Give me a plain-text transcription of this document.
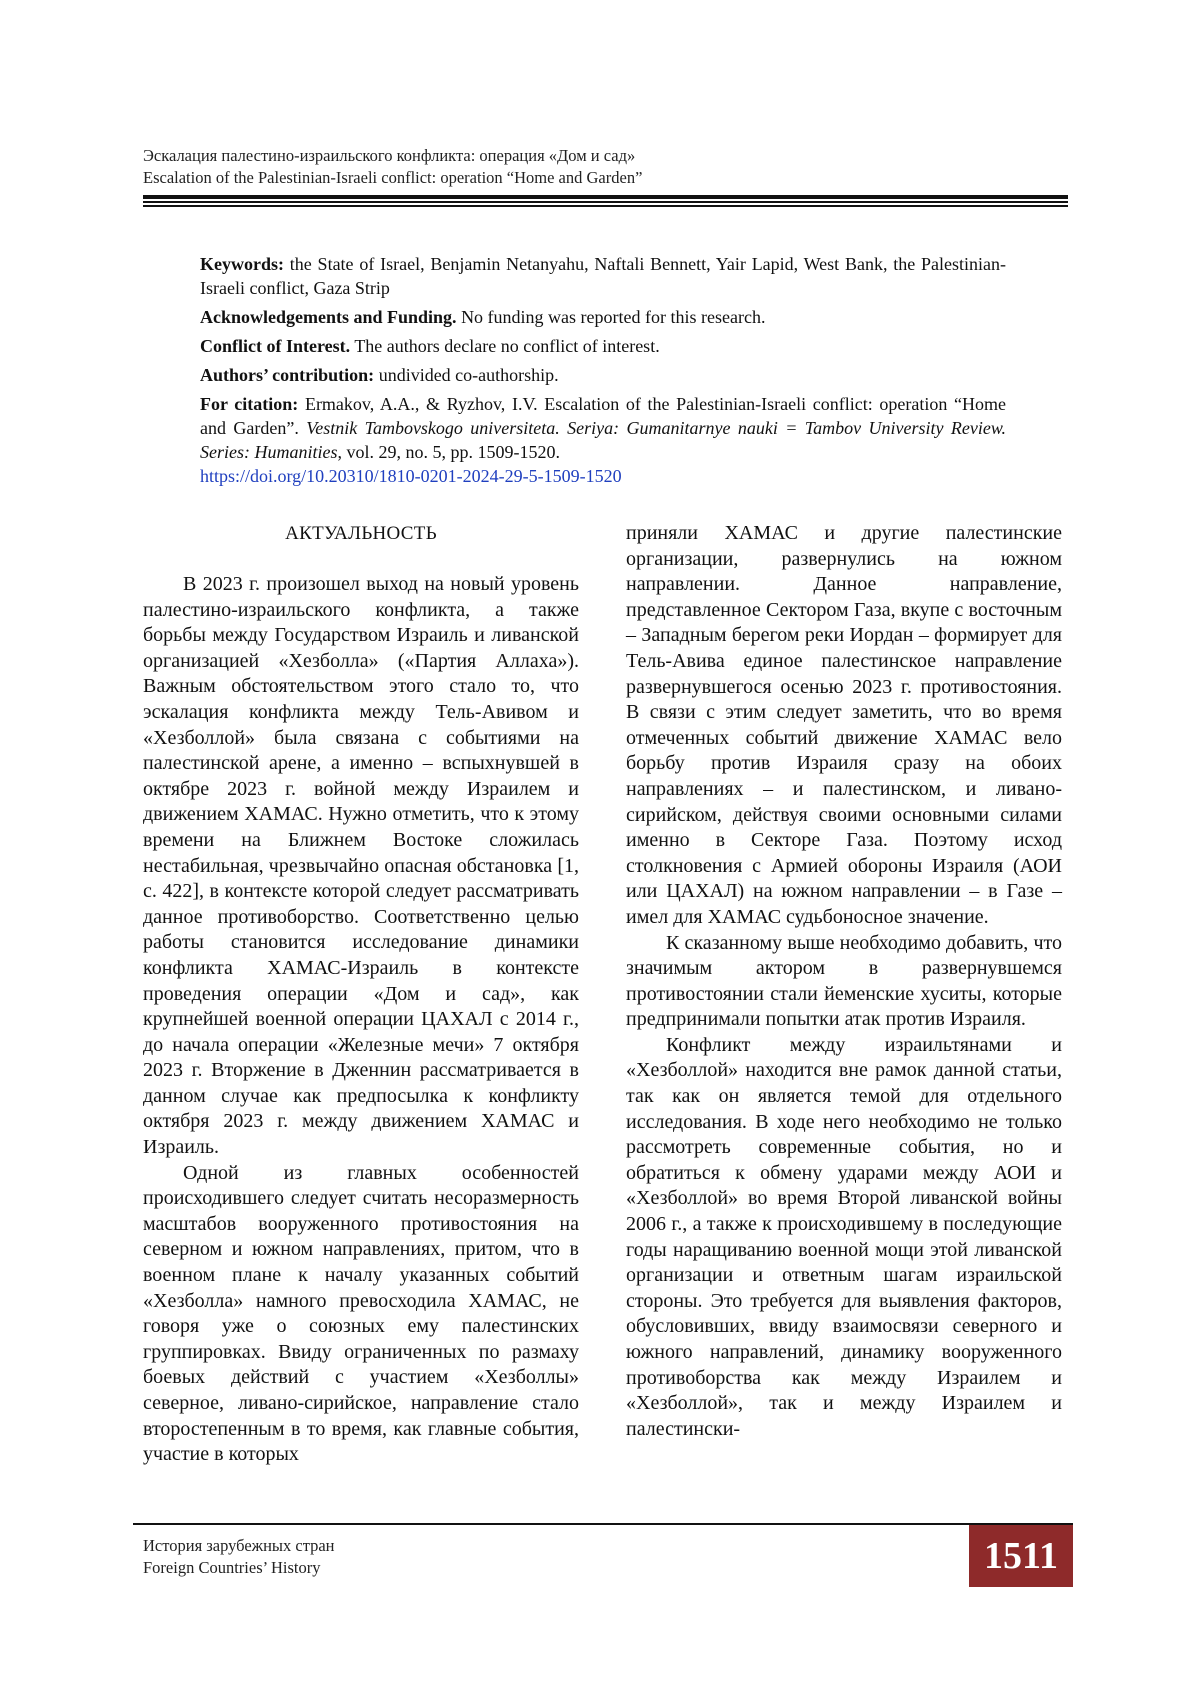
Эскалация палестино-израильского конфликта: операция «Дом и сад»
Escalation of the Palestinian-Israeli conflict: operation “Home and Garden”

Keywords: the State of Israel, Benjamin Netanyahu, Naftali Bennett, Yair Lapid, West Bank, the Palestinian-Israeli conflict, Gaza Strip

Acknowledgements and Funding. No funding was reported for this research.

Conflict of Interest. The authors declare no conflict of interest.

Authors’ contribution: undivided co-authorship.

For citation: Ermakov, A.A., & Ryzhov, I.V. Escalation of the Palestinian-Israeli conflict: operation “Home and Garden”. Vestnik Tambovskogo universiteta. Seriya: Gumanitarnye nauki = Tambov University Review. Series: Humanities, vol. 29, no. 5, pp. 1509-1520.
https://doi.org/10.20310/1810-0201-2024-29-5-1509-1520

АКТУАЛЬНОСТЬ

В 2023 г. произошел выход на новый уровень палестино-израильского конфликта, а также борьбы между Государством Израиль и ливанской организацией «Хезболла» («Партия Аллаха»). Важным обстоятельством этого стало то, что эскалация конфликта между Тель-Авивом и «Хезболлой» была связана с событиями на палестинской арене, а именно – вспыхнувшей в октябре 2023 г. войной между Израилем и движением ХАМАС. Нужно отметить, что к этому времени на Ближнем Востоке сложилась нестабильная, чрезвычайно опасная обстановка [1, с. 422], в контексте которой следует рассматривать данное противоборство. Соответственно целью работы становится исследование динамики конфликта ХАМАС-Израиль в контексте проведения операции «Дом и сад», как крупнейшей военной операции ЦАХАЛ с 2014 г., до начала операции «Железные мечи» 7 октября 2023 г. Вторжение в Дженнин рассматривается в данном случае как предпосылка к конфликту октября 2023 г. между движением ХАМАС и Израиль.

Одной из главных особенностей происходившего следует считать несоразмерность масштабов вооруженного противостояния на северном и южном направлениях, притом, что в военном плане к началу указанных событий «Хезболла» намного превосходила ХАМАС, не говоря уже о союзных ему палестинских группировках. Ввиду ограниченных по размаху боевых действий с участием «Хезболлы» северное, ливано-сирийское, направление стало второстепенным в то время, как главные события, участие в которых

приняли ХАМАС и другие палестинские организации, развернулись на южном направлении. Данное направление, представленное Сектором Газа, вкупе с восточным – Западным берегом реки Иордан – формирует для Тель-Авива единое палестинское направление развернувшегося осенью 2023 г. противостояния. В связи с этим следует заметить, что во время отмеченных событий движение ХАМАС вело борьбу против Израиля сразу на обоих направлениях – и палестинском, и ливано-сирийском, действуя своими основными силами именно в Секторе Газа. Поэтому исход столкновения с Армией обороны Израиля (АОИ или ЦАХАЛ) на южном направлении – в Газе – имел для ХАМАС судьбоносное значение.

К сказанному выше необходимо добавить, что значимым актором в развернувшемся противостоянии стали йеменские хуситы, которые предпринимали попытки атак против Израиля.

Конфликт между израильтянами и «Хезболлой» находится вне рамок данной статьи, так как он является темой для отдельного исследования. В ходе него необходимо не только рассмотреть современные события, но и обратиться к обмену ударами между АОИ и «Хезболлой» во время Второй ливанской войны 2006 г., а также к происходившему в последующие годы наращиванию военной мощи этой ливанской организации и ответным шагам израильской стороны. Это требуется для выявления факторов, обусловивших, ввиду взаимосвязи северного и южного направлений, динамику вооруженного противоборства как между Израилем и «Хезболлой», так и между Израилем и палестински-

История зарубежных стран
Foreign Countries’ History	1511
